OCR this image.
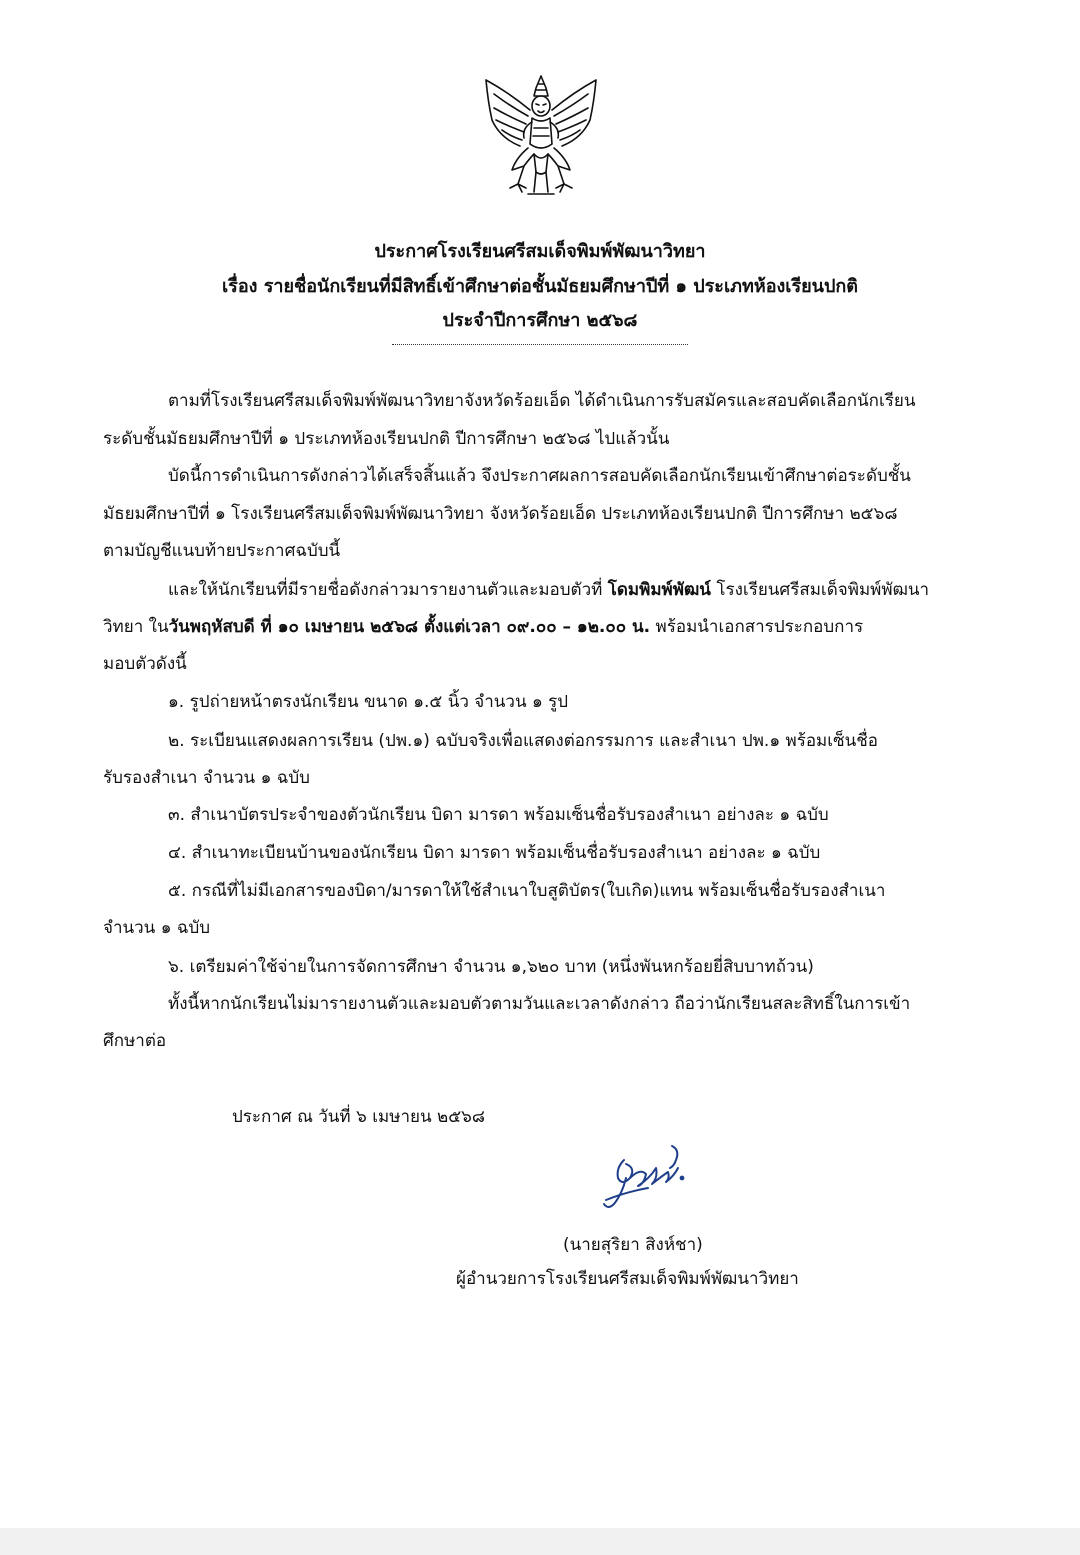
ประกาศโรงเรียนศรีสมเด็จพิมพ์พัฒนาวิทยา
เรื่อง รายชื่อนักเรียนที่มีสิทธิ์เข้าศึกษาต่อชั้นมัธยมศึกษาปีที่ ๑ ประเภทห้องเรียนปกติ
ประจำปีการศึกษา ๒๕๖๘
ตามที่โรงเรียนศรีสมเด็จพิมพ์พัฒนาวิทยาจังหวัดร้อยเอ็ด ได้ดำเนินการรับสมัครและสอบคัดเลือกนักเรียน
ระดับชั้นมัธยมศึกษาปีที่ ๑ ประเภทห้องเรียนปกติ ปีการศึกษา ๒๕๖๘ ไปแล้วนั้น
บัดนี้การดำเนินการดังกล่าวได้เสร็จสิ้นแล้ว จึงประกาศผลการสอบคัดเลือกนักเรียนเข้าศึกษาต่อระดับชั้น
มัธยมศึกษาปีที่ ๑ โรงเรียนศรีสมเด็จพิมพ์พัฒนาวิทยา จังหวัดร้อยเอ็ด ประเภทห้องเรียนปกติ ปีการศึกษา ๒๕๖๘
ตามบัญชีแนบท้ายประกาศฉบับนี้
และให้นักเรียนที่มีรายชื่อดังกล่าวมารายงานตัวและมอบตัวที่ โดมพิมพ์พัฒน์ โรงเรียนศรีสมเด็จพิมพ์พัฒนา
วิทยา ในวันพฤหัสบดี ที่ ๑๐ เมษายน ๒๕๖๘ ตั้งแต่เวลา ๐๙.๐๐ – ๑๒.๐๐ น. พร้อมนำเอกสารประกอบการ
มอบตัวดังนี้
๑. รูปถ่ายหน้าตรงนักเรียน ขนาด ๑.๕ นิ้ว จำนวน ๑ รูป
๒. ระเบียนแสดงผลการเรียน (ปพ.๑) ฉบับจริงเพื่อแสดงต่อกรรมการ และสำเนา ปพ.๑ พร้อมเซ็นชื่อ
รับรองสำเนา จำนวน ๑ ฉบับ
๓. สำเนาบัตรประจำของตัวนักเรียน บิดา มารดา พร้อมเซ็นชื่อรับรองสำเนา อย่างละ ๑ ฉบับ
๔. สำเนาทะเบียนบ้านของนักเรียน บิดา มารดา พร้อมเซ็นชื่อรับรองสำเนา อย่างละ ๑ ฉบับ
๕. กรณีที่ไม่มีเอกสารของบิดา/มารดาให้ใช้สำเนาใบสูติบัตร(ใบเกิด)แทน พร้อมเซ็นชื่อรับรองสำเนา
จำนวน ๑ ฉบับ
๖. เตรียมค่าใช้จ่ายในการจัดการศึกษา จำนวน ๑,๖๒๐ บาท (หนึ่งพันหกร้อยยี่สิบบาทถ้วน)
ทั้งนี้หากนักเรียนไม่มารายงานตัวและมอบตัวตามวันและเวลาดังกล่าว ถือว่านักเรียนสละสิทธิ์ในการเข้า
ศึกษาต่อ
ประกาศ ณ วันที่ ๖ เมษายน ๒๕๖๘
(นายสุริยา สิงห์ชา)
ผู้อำนวยการโรงเรียนศรีสมเด็จพิมพ์พัฒนาวิทยา
